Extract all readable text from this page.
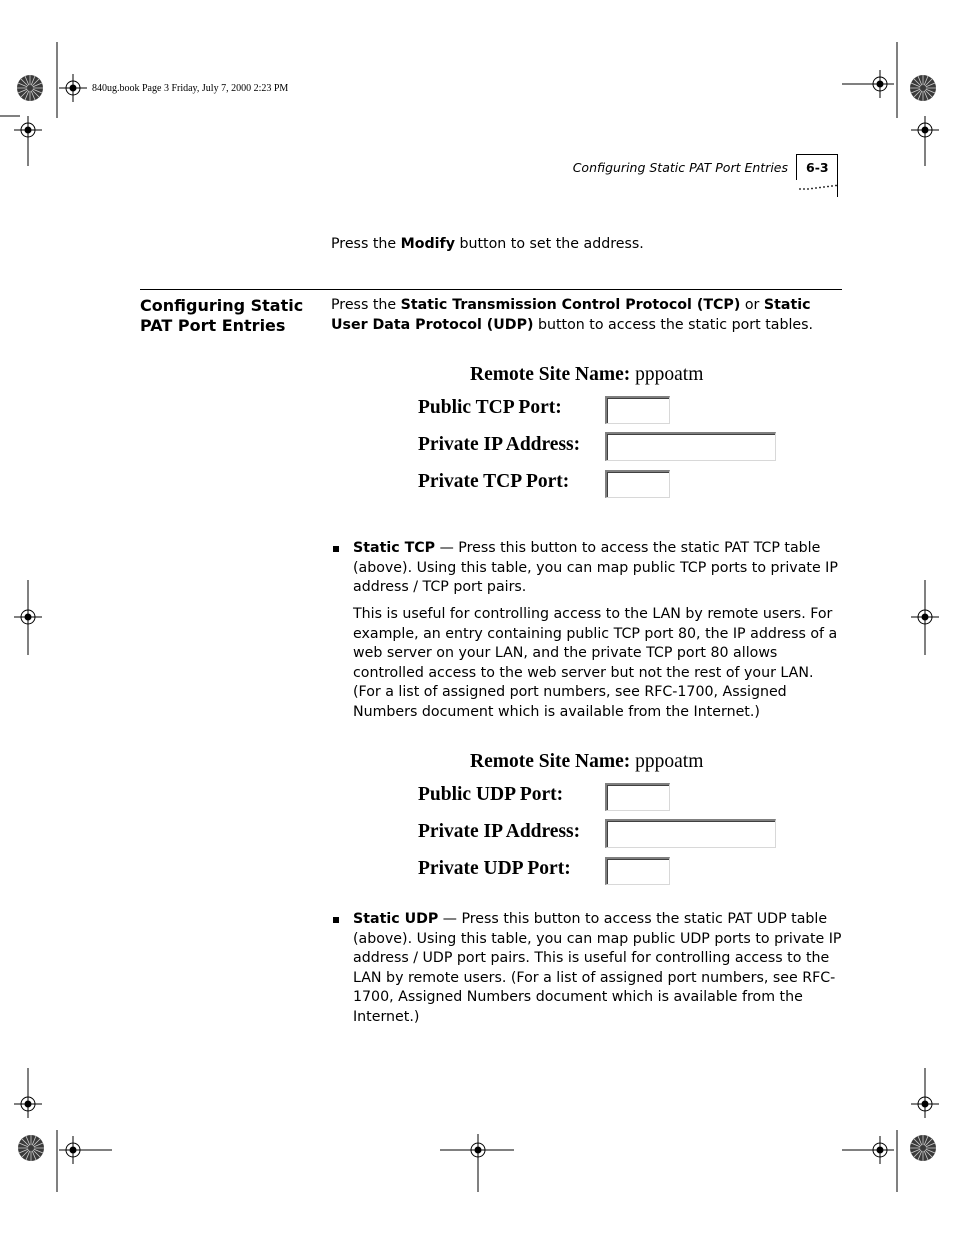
840ug.book Page 3 Friday, July 7, 2000 2:23 PM
Configuring Static PAT Port Entries 6-3
Press the Modify button to set the address.
Configuring Static
PAT Port Entries
Press the Static Transmission Control Protocol (TCP) or Static User Data Protocol (UDP) button to access the static port tables.
Remote Site Name: pppoatm
Public TCP Port:
Private IP Address:
Private TCP Port:
Static TCP — Press this button to access the static PAT TCP table (above). Using this table, you can map public TCP ports to private IP address / TCP port pairs.
This is useful for controlling access to the LAN by remote users. For example, an entry containing public TCP port 80, the IP address of a web server on your LAN, and the private TCP port 80 allows controlled access to the web server but not the rest of your LAN. (For a list of assigned port numbers, see RFC-1700, Assigned Numbers document which is available from the Internet.)
Remote Site Name: pppoatm
Public UDP Port:
Private IP Address:
Private UDP Port:
Static UDP — Press this button to access the static PAT UDP table (above). Using this table, you can map public UDP ports to private IP address / UDP port pairs. This is useful for controlling access to the LAN by remote users. (For a list of assigned port numbers, see RFC-1700, Assigned Numbers document which is available from the Internet.)
